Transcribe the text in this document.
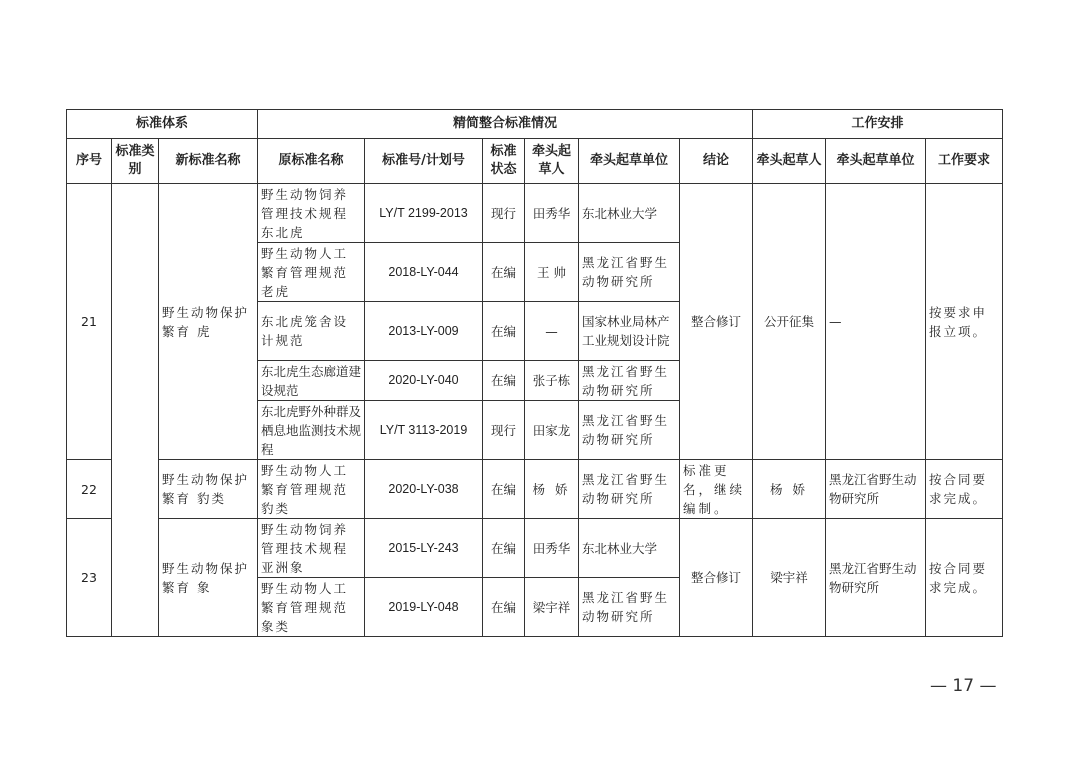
标准体系			精简整合标准情况						工作安排		
序号	标准类别	新标准名称	原标准名称	标准号/计划号	标准状态	牵头起草人	牵头起草单位	结论	牵头起草人	牵头起草单位	工作要求
21		野生动物保护繁育 虎	野生动物饲养管理技术规程 东北虎	LY/T 2199-2013	现行	田秀华	东北林业大学	整合修订	公开征集	—	按要求申报立项。
			野生动物人工繁育管理规范 老虎	2018-LY-044	在编	王 帅	黑龙江省野生动物研究所				
			东北虎笼舍设计规范	2013-LY-009	在编	—	国家林业局林产工业规划设计院				
			东北虎生态廊道建设规范	2020-LY-040	在编	张子栋	黑龙江省野生动物研究所				
			东北虎野外种群及栖息地监测技术规程	LY/T 3113-2019	现行	田家龙	黑龙江省野生动物研究所				
22		野生动物保护繁育 豹类	野生动物人工繁育管理规范 豹类	2020-LY-038	在编	杨 娇	黑龙江省野生动物研究所	标准更名，继续编制。	杨 娇	黑龙江省野生动物研究所	按合同要求完成。
23		野生动物保护繁育 象	野生动物饲养管理技术规程 亚洲象	2015-LY-243	在编	田秀华	东北林业大学	整合修订	梁宇祥	黑龙江省野生动物研究所	按合同要求完成。
			野生动物人工繁育管理规范 象类	2019-LY-048	在编	梁宇祥	黑龙江省野生动物研究所				
— 17 —
